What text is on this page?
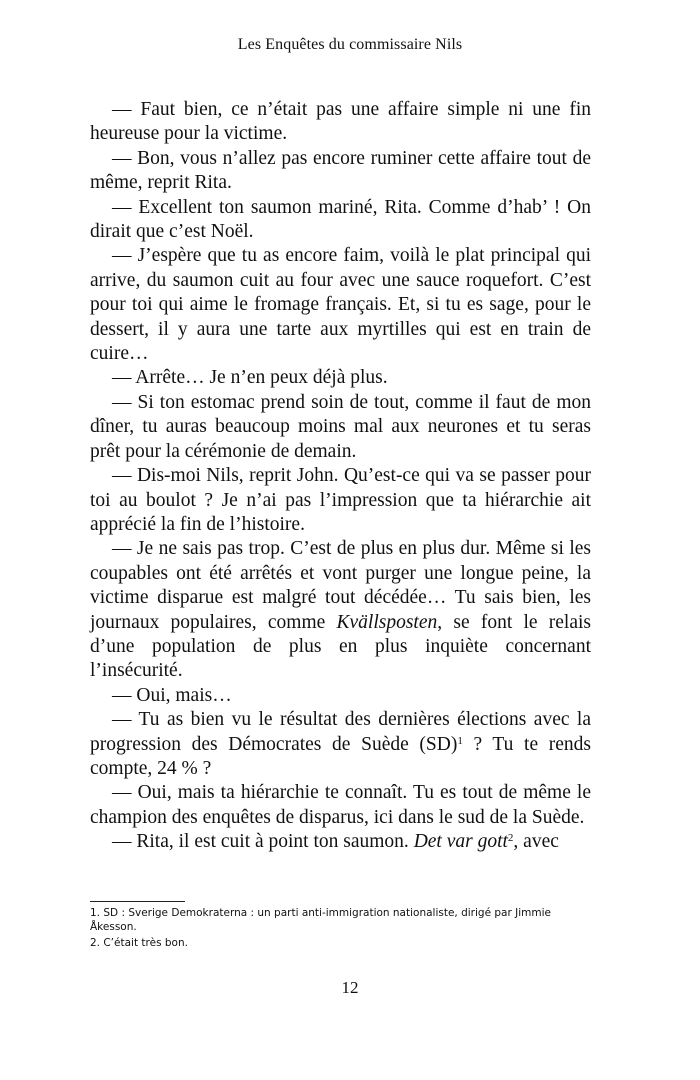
Les Enquêtes du commissaire Nils

— Faut bien, ce n’était pas une affaire simple ni une fin heureuse pour la victime.

— Bon, vous n’allez pas encore ruminer cette affaire tout de même, reprit Rita.

— Excellent ton saumon mariné, Rita. Comme d’hab’ ! On dirait que c’est Noël.

— J’espère que tu as encore faim, voilà le plat principal qui arrive, du saumon cuit au four avec une sauce roquefort. C’est pour toi qui aime le fromage français. Et, si tu es sage, pour le dessert, il y aura une tarte aux myrtilles qui est en train de cuire…

— Arrête… Je n’en peux déjà plus.

— Si ton estomac prend soin de tout, comme il faut de mon dîner, tu auras beaucoup moins mal aux neurones et tu seras prêt pour la cérémonie de demain.

— Dis-moi Nils, reprit John. Qu’est-ce qui va se passer pour toi au boulot ? Je n’ai pas l’impression que ta hiérarchie ait apprécié la fin de l’histoire.

— Je ne sais pas trop. C’est de plus en plus dur. Même si les coupables ont été arrêtés et vont purger une longue peine, la victime disparue est malgré tout décédée… Tu sais bien, les journaux populaires, comme Kvällsposten, se font le relais d’une population de plus en plus inquiète concernant l’insécurité.

— Oui, mais…

— Tu as bien vu le résultat des dernières élections avec la progression des Démocrates de Suède (SD)$^1$ ? Tu te rends compte, 24 % ?

— Oui, mais ta hiérarchie te connaît. Tu es tout de même le champion des enquêtes de disparus, ici dans le sud de la Suède.

— Rita, il est cuit à point ton saumon. Det var gott$^2$, avec

1. SD : Sverige Demokraterna : un parti anti-immigration nationaliste, dirigé par Jimmie Åkesson.

2. C’était très bon.

12
